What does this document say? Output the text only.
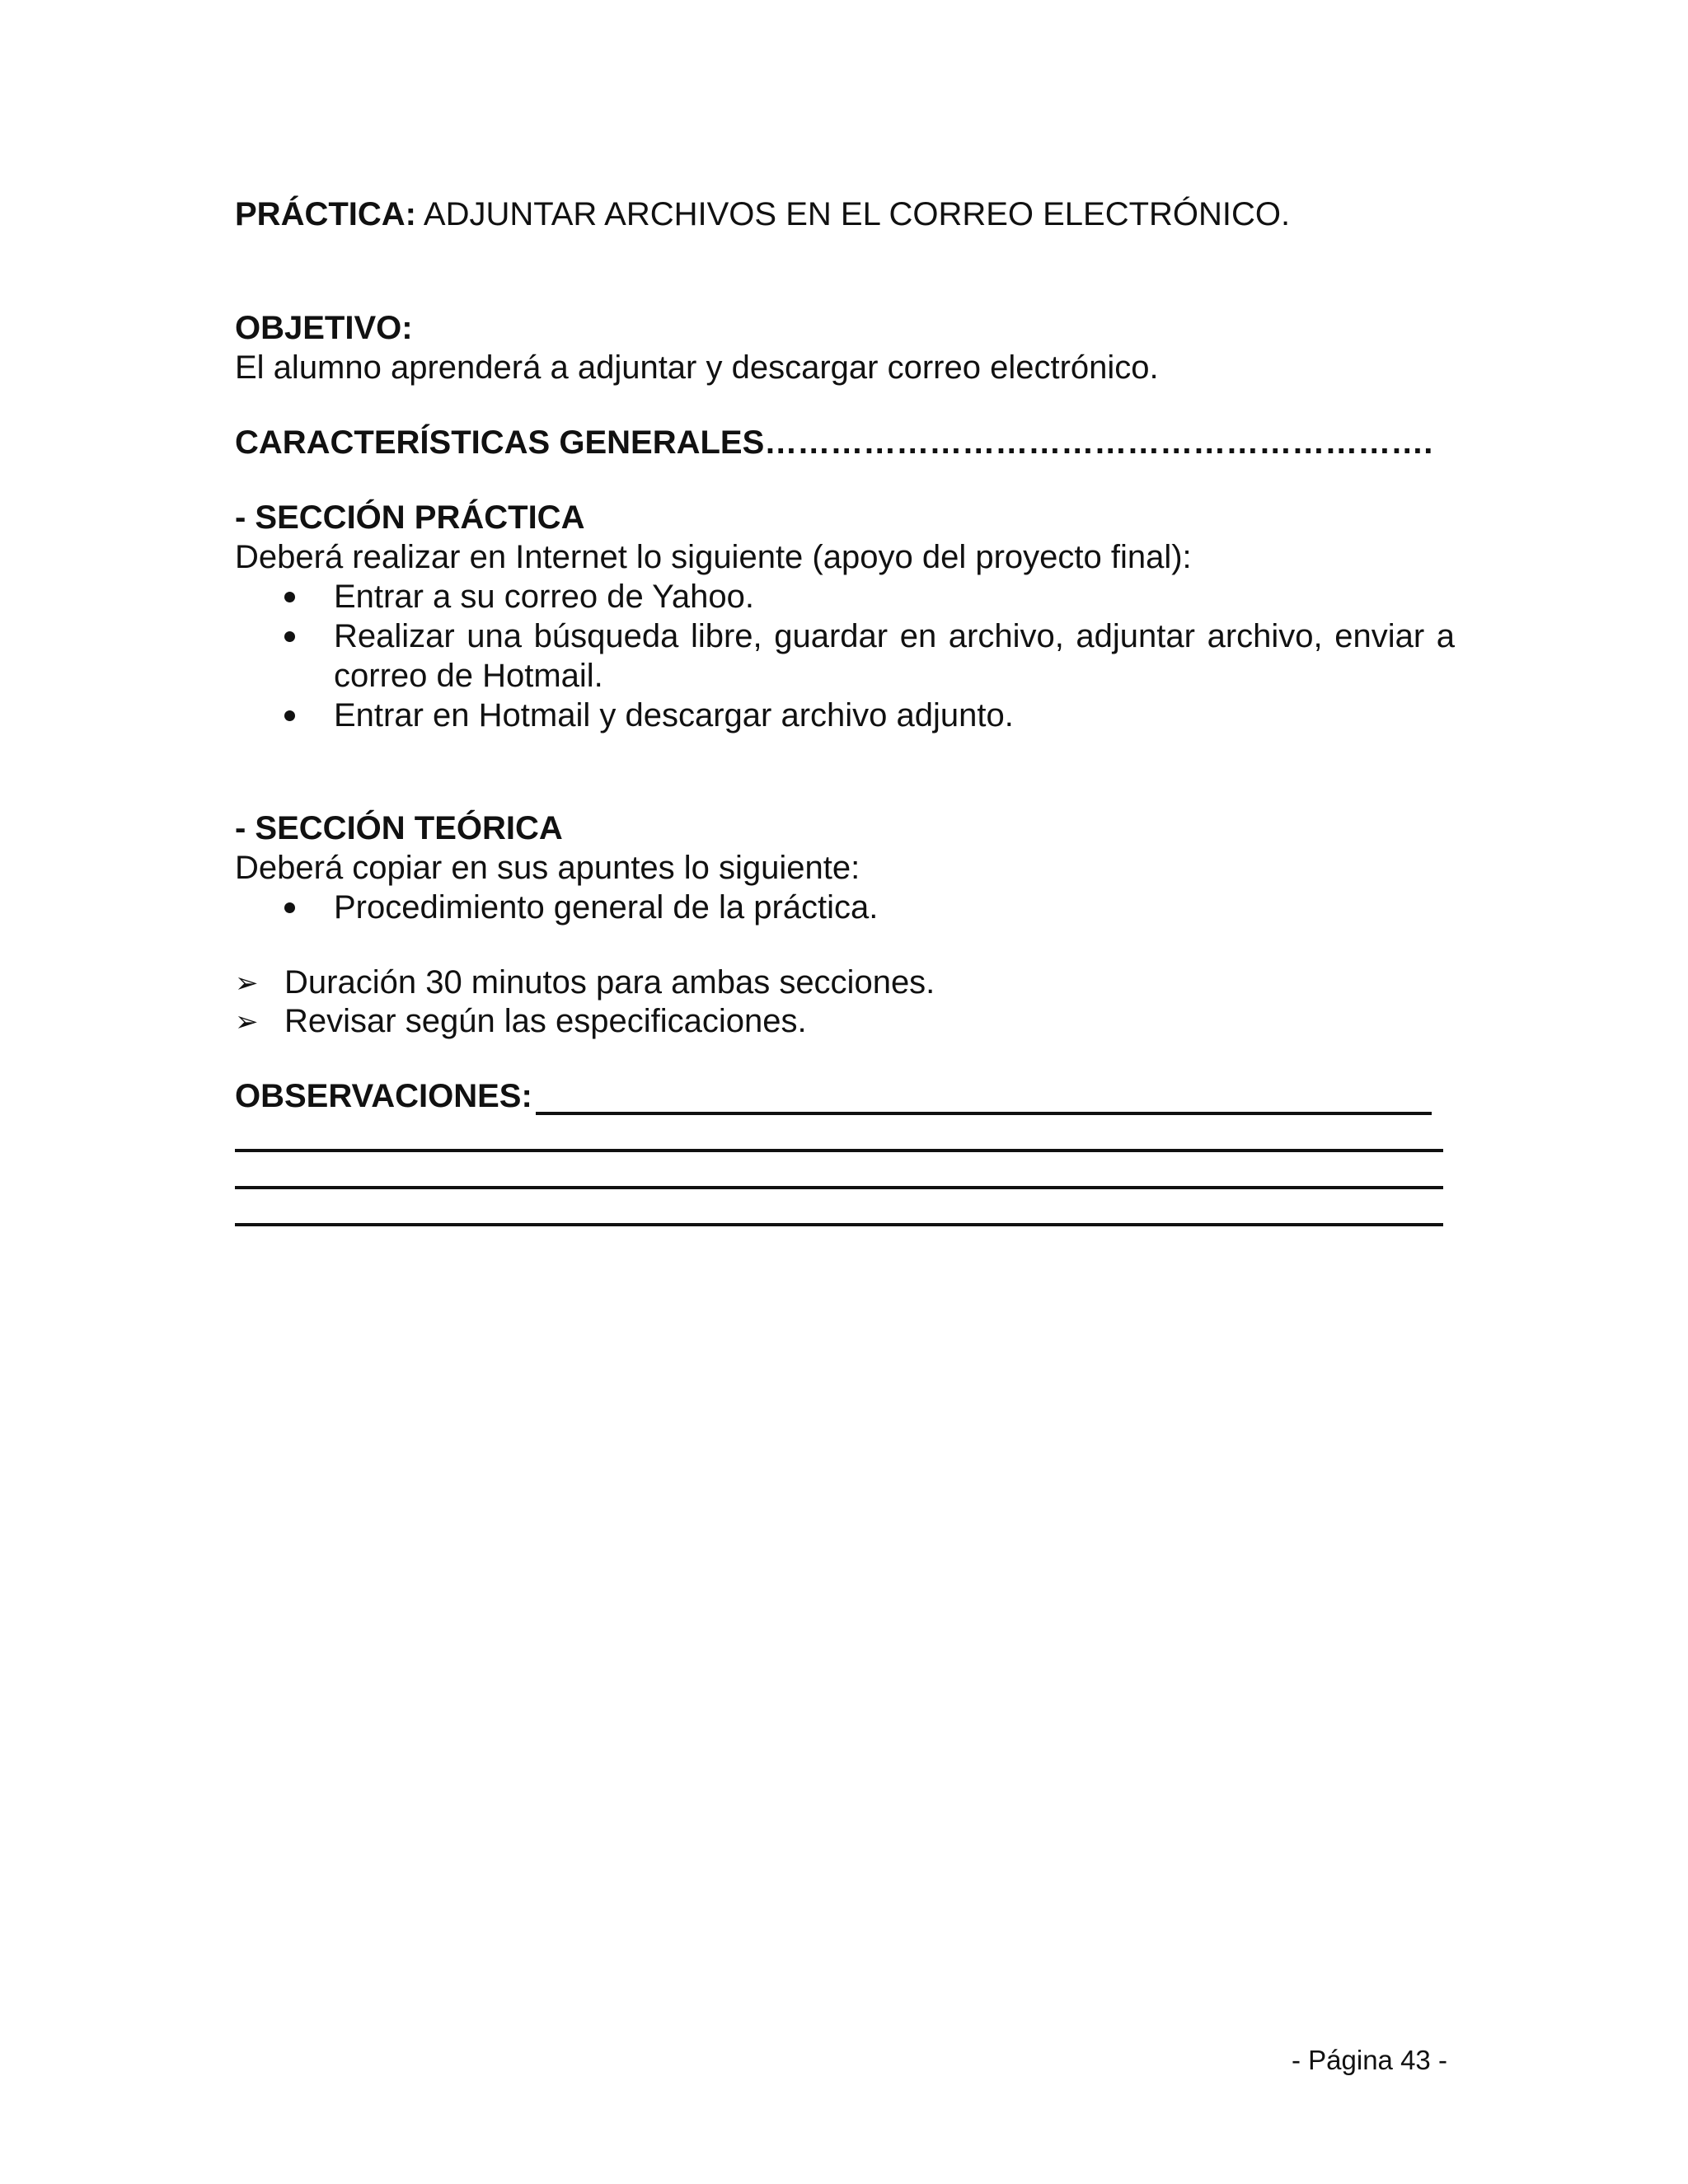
PRÁCTICA: ADJUNTAR ARCHIVOS EN EL CORREO ELECTRÓNICO.
OBJETIVO:
El alumno aprenderá a adjuntar y descargar correo electrónico.
CARACTERÍSTICAS GENERALES…………………………………………………….
- SECCIÓN PRÁCTICA
Deberá realizar en Internet lo siguiente (apoyo del proyecto final):
Entrar a su correo de Yahoo.
Realizar una búsqueda libre, guardar en archivo, adjuntar archivo, enviar a
correo de Hotmail.
Entrar en Hotmail y descargar archivo adjunto.
- SECCIÓN TEÓRICA
Deberá copiar en sus apuntes lo siguiente:
Procedimiento general de la práctica.
➢ Duración 30 minutos para ambas secciones.
➢ Revisar según las especificaciones.
OBSERVACIONES:
- Página 43 -
